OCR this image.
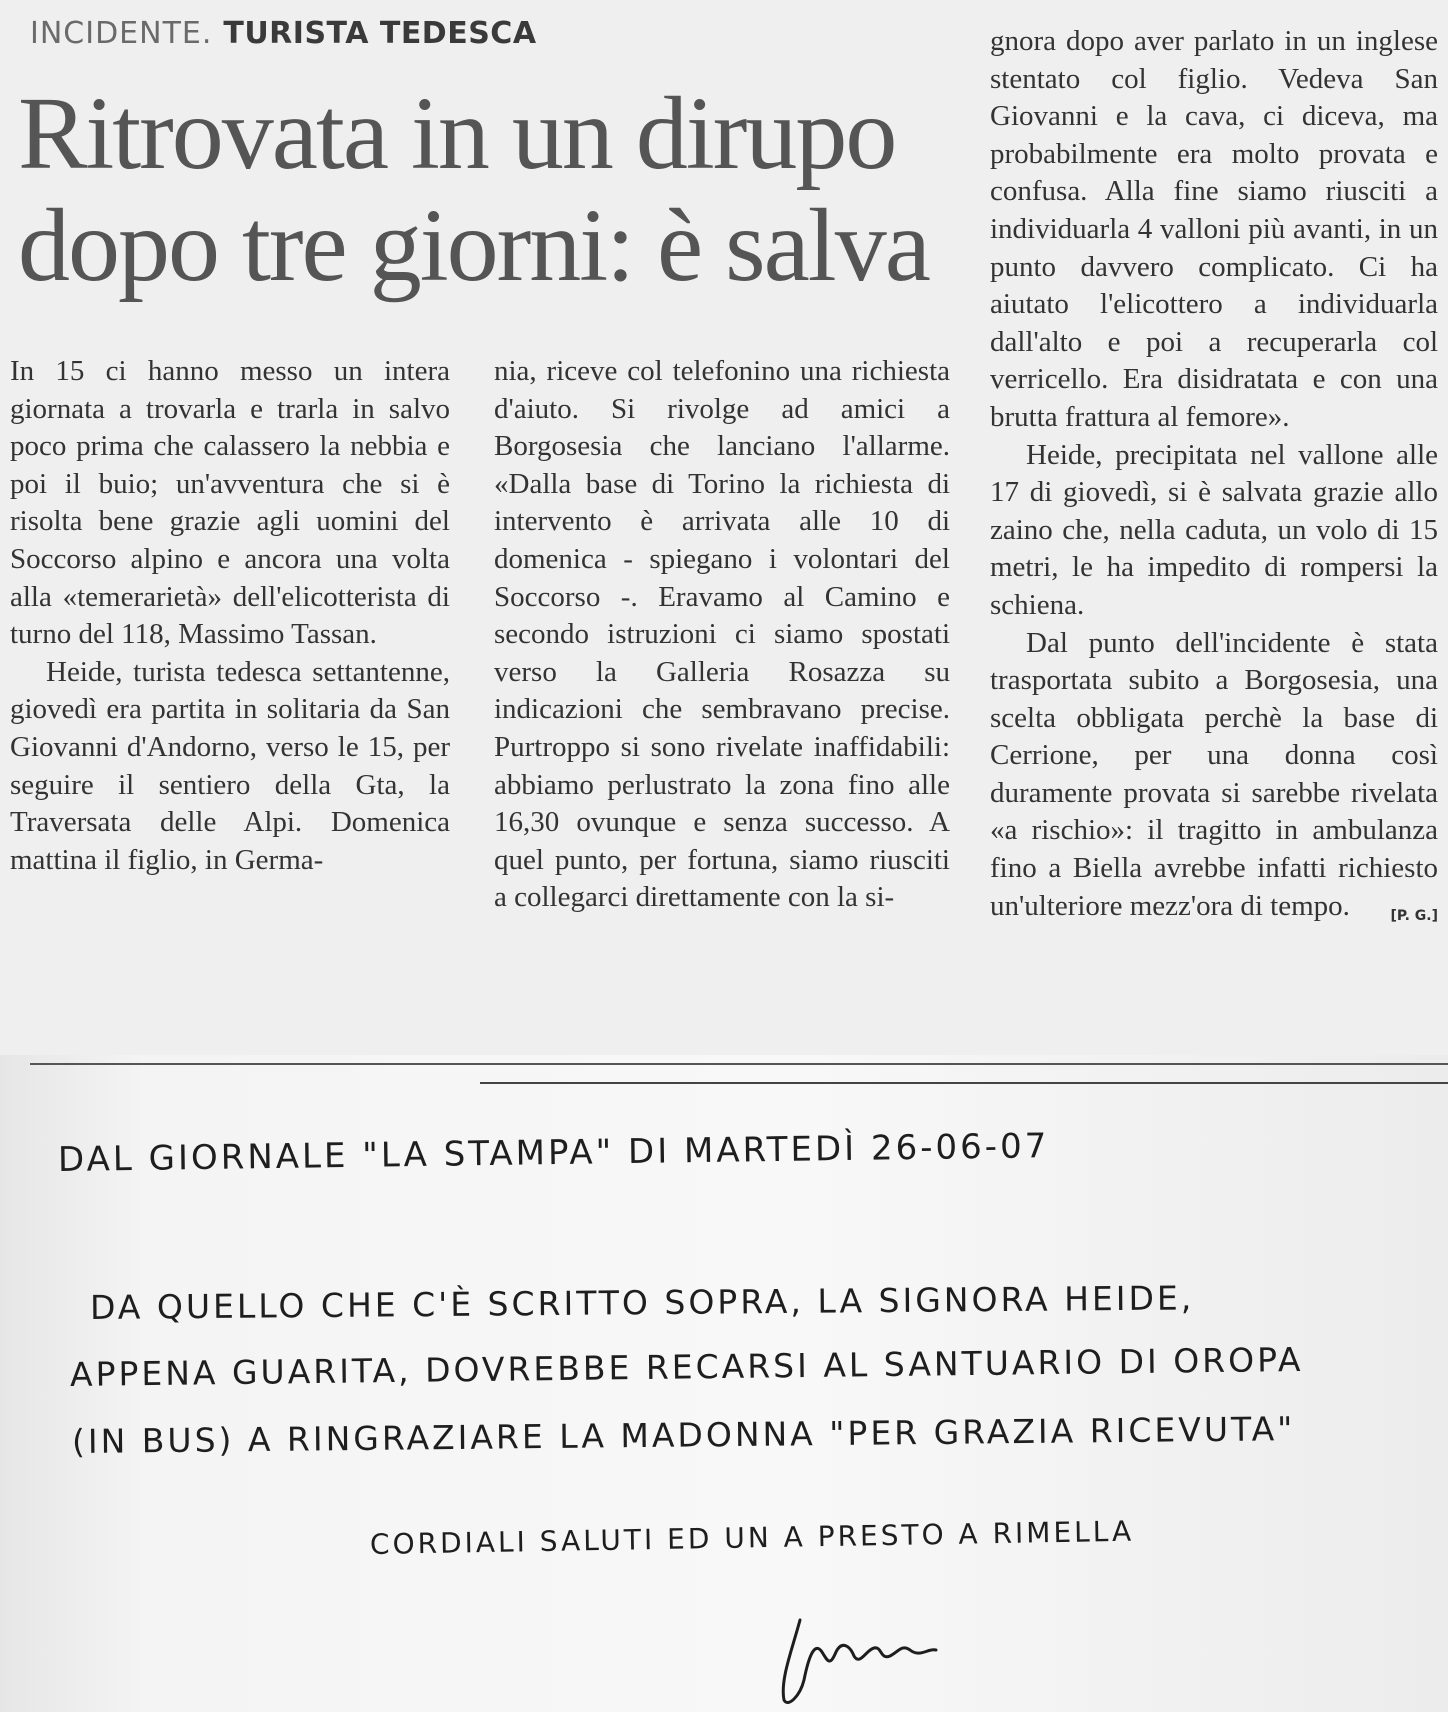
INCIDENTE. TURISTA TEDESCA
Ritrovata in un dirupo
dopo tre giorni: è salva

In 15 ci hanno messo un intera giornata a trovarla e trarla in salvo poco prima che calassero la nebbia e poi il buio; un'avventura che si è risolta bene grazie agli uomini del Soccorso alpino e ancora una volta alla «temerarietà» dell'elicotterista di turno del 118, Massimo Tassan.

Heide, turista tedesca settantenne, giovedì era partita in solitaria da San Giovanni d'Andorno, verso le 15, per seguire il sentiero della Gta, la Traversata delle Alpi. Domenica mattina il figlio, in Germa-

nia, riceve col telefonino una richiesta d'aiuto. Si rivolge ad amici a Borgosesia che lanciano l'allarme. «Dalla base di Torino la richiesta di intervento è arrivata alle 10 di domenica - spiegano i volontari del Soccorso -. Eravamo al Camino e secondo istruzioni ci siamo spostati verso la Galleria Rosazza su indicazioni che sembravano precise. Purtroppo si sono rivelate inaffidabili: abbiamo perlustrato la zona fino alle 16,30 ovunque e senza successo. A quel punto, per fortuna, siamo riusciti a collegarci direttamente con la si-

gnora dopo aver parlato in un inglese stentato col figlio. Vedeva San Giovanni e la cava, ci diceva, ma probabilmente era molto provata e confusa. Alla fine siamo riusciti a individuarla 4 valloni più avanti, in un punto davvero complicato. Ci ha aiutato l'elicottero a individuarla dall'alto e poi a recuperarla col verricello. Era disidratata e con una brutta frattura al femore».

Heide, precipitata nel vallone alle 17 di giovedì, si è salvata grazie allo zaino che, nella caduta, un volo di 15 metri, le ha impedito di rompersi la schiena.

Dal punto dell'incidente è stata trasportata subito a Borgosesia, una scelta obbligata perchè la base di Cerrione, per una donna così duramente provata si sarebbe rivelata «a rischio»: il tragitto in ambulanza fino a Biella avrebbe infatti richiesto un'ulteriore mezz'ora di tempo.	[P. G.]

DAL GIORNALE "LA STAMPA" DI MARTEDÌ 26-06-07
DA QUELLO CHE C'È SCRITTO SOPRA, LA SIGNORA HEIDE,
APPENA GUARITA, DOVREBBE RECARSI AL SANTUARIO DI OROPA
(IN BUS) A RINGRAZIARE LA MADONNA "PER GRAZIA RICEVUTA"
CORDIALI SALUTI ED UN A PRESTO A RIMELLA
